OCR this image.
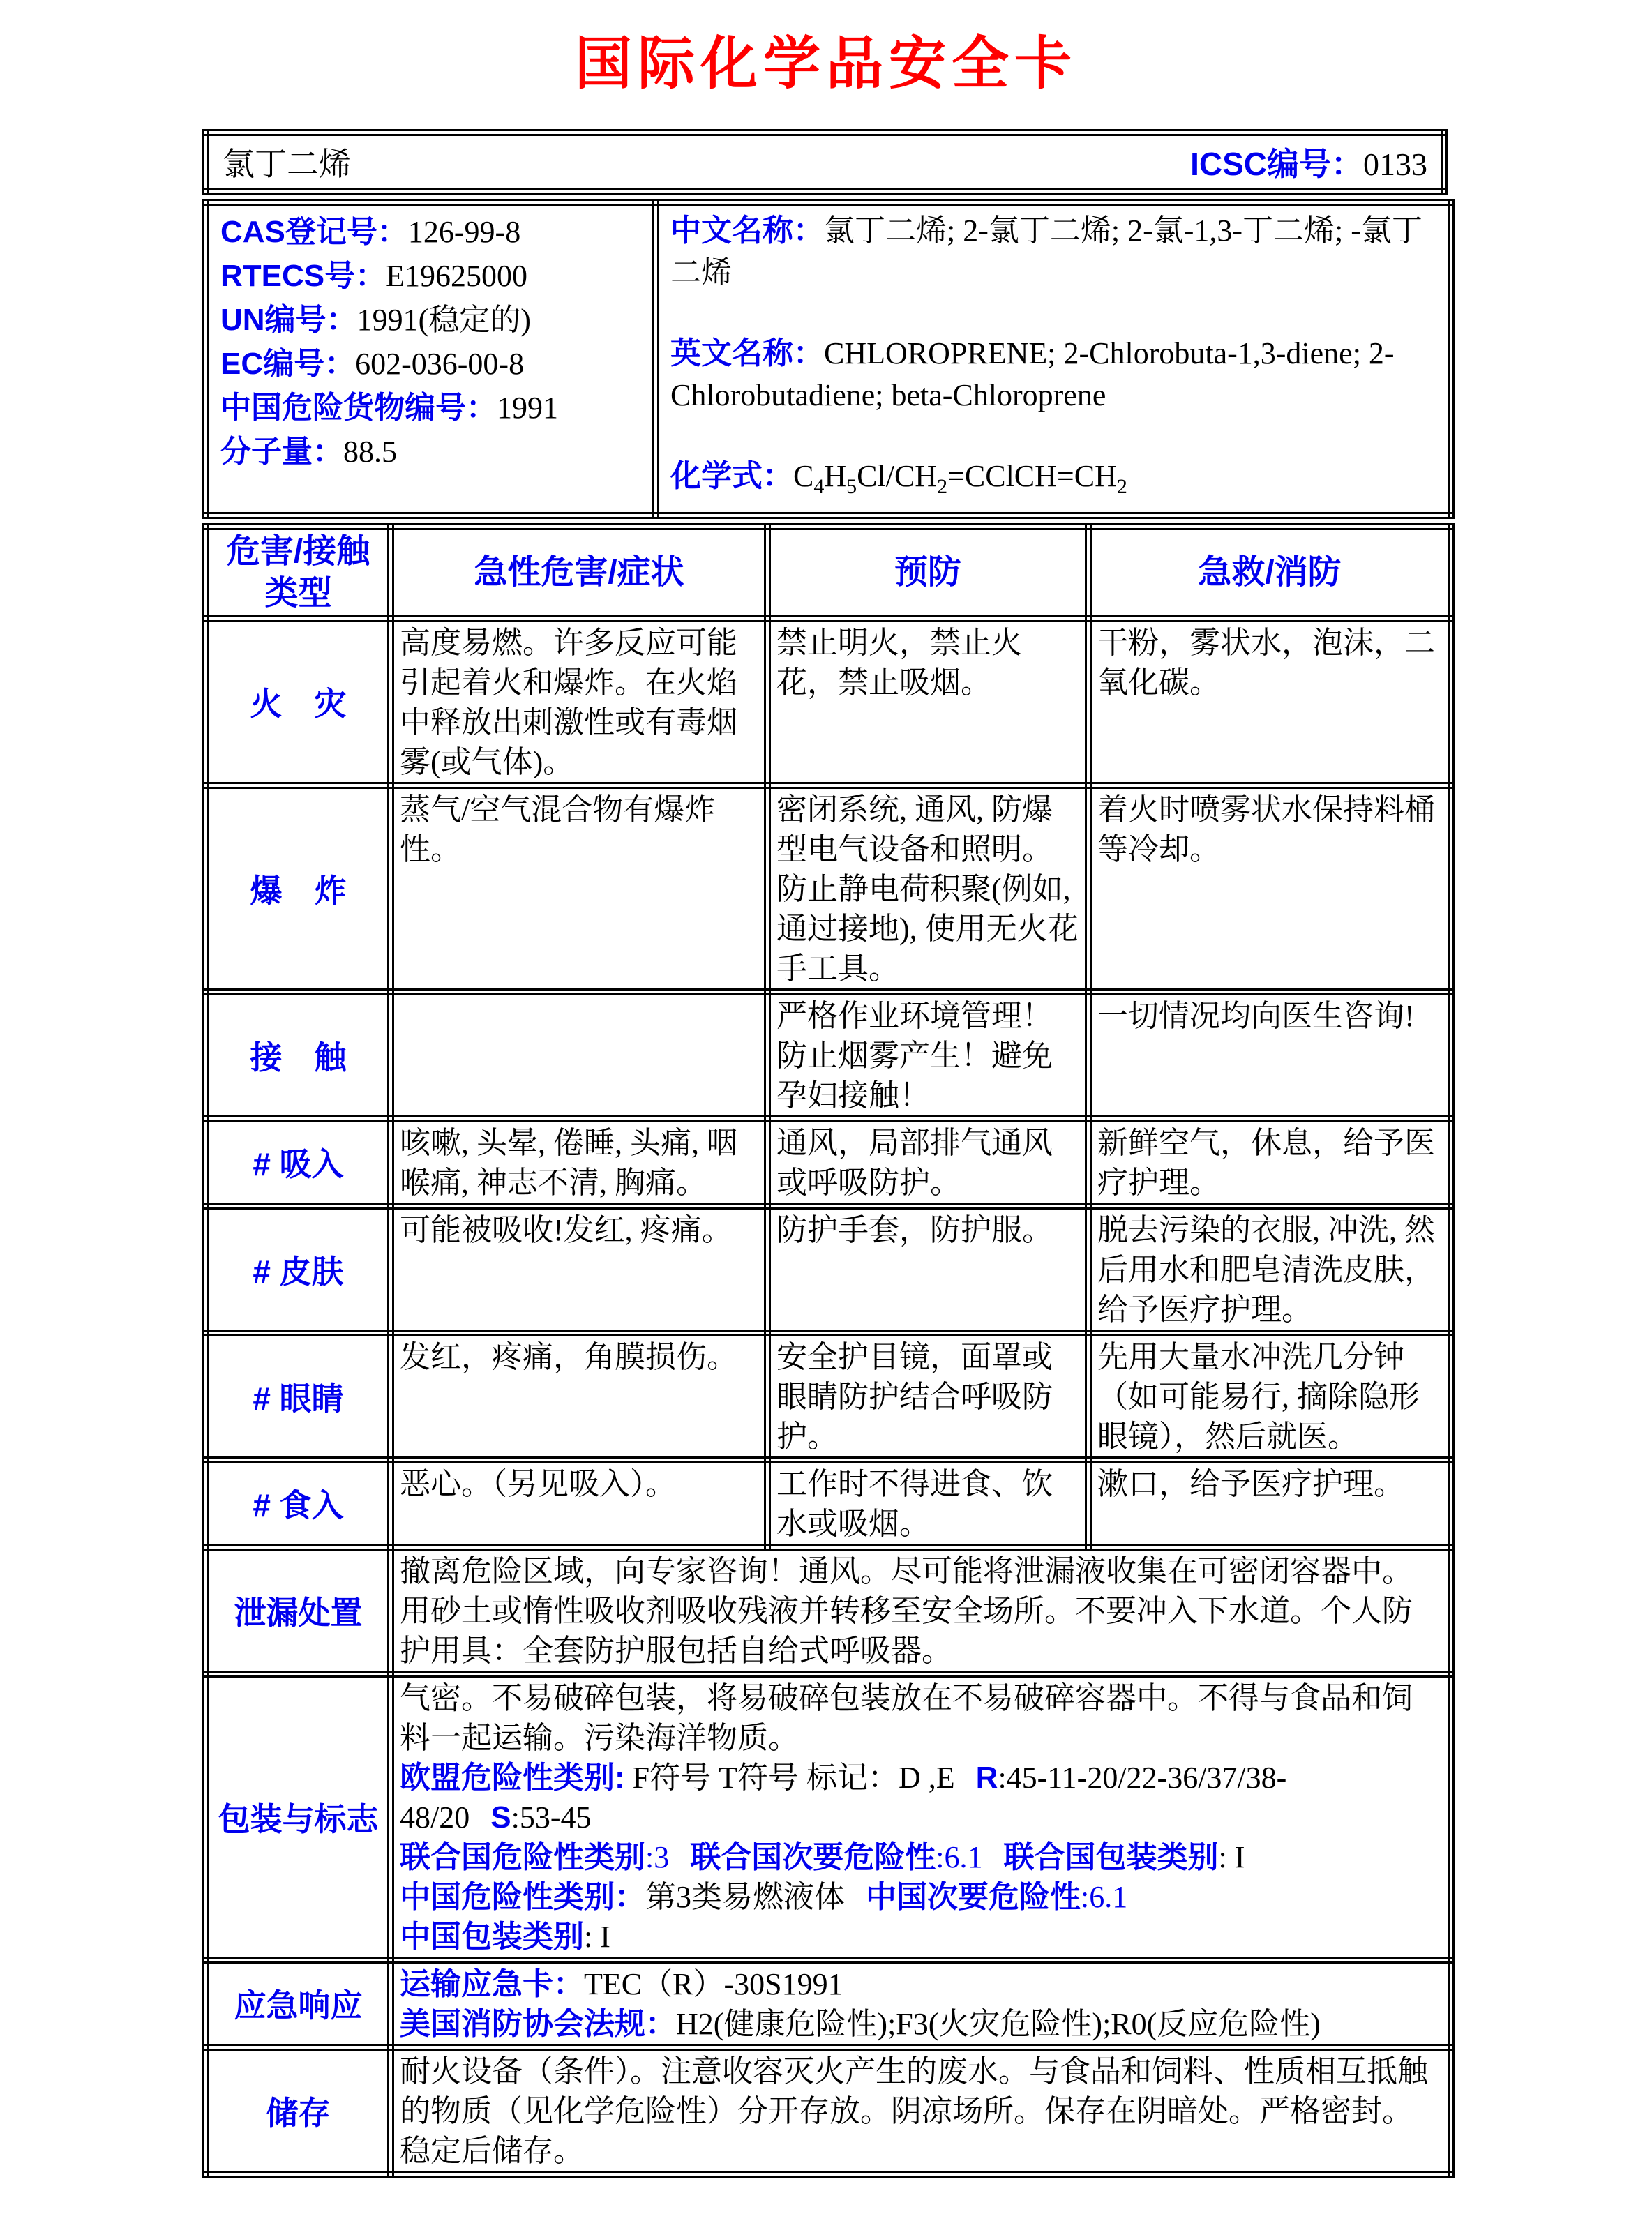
国际化学品安全卡
氯丁二烯	ICSC编号：0133
CAS登记号：126-99-8
RTECS号：E19625000
UN编号：1991(稳定的)
EC编号：602-036-00-8
中国危险货物编号：1991
分子量：88.5

中文名称：氯丁二烯; 2-氯丁二烯; 2-氯-1,3-丁二烯; -氯丁二烯

英文名称：CHLOROPRENE; 2-Chlorobuta-1,3-diene; 2-Chlorobutadiene; beta-Chloroprene

化学式：$C_4H_5Cl/CH_2=CClCH=CH_2$

危害/接触类型	急性危害/症状	预防	急救/消防
火　灾	高度易燃。许多反应可能引起着火和爆炸。在火焰中释放出刺激性或有毒烟雾(或气体)。	禁止明火，禁止火花，禁止吸烟。	干粉，雾状水，泡沫，二氧化碳。
爆　炸	蒸气/空气混合物有爆炸性。	密闭系统, 通风, 防爆型电气设备和照明。防止静电荷积聚(例如, 通过接地), 使用无火花手工具。	着火时喷雾状水保持料桶等冷却。
接　触		严格作业环境管理！防止烟雾产生！避免孕妇接触！	一切情况均向医生咨询!
# 吸入	咳嗽, 头晕, 倦睡, 头痛, 咽喉痛, 神志不清, 胸痛。	通风，局部排气通风或呼吸防护。	新鲜空气，休息，给予医疗护理。
# 皮肤	可能被吸收!发红, 疼痛。	防护手套，防护服。	脱去污染的衣服, 冲洗, 然后用水和肥皂清洗皮肤，给予医疗护理。
# 眼睛	发红，疼痛，角膜损伤。	安全护目镜，面罩或眼睛防护结合呼吸防护。	先用大量水冲洗几分钟（如可能易行, 摘除隐形眼镜），然后就医。
# 食入	恶心。（另见吸入）。	工作时不得进食、饮水或吸烟。	漱口，给予医疗护理。
泄漏处置	撤离危险区域，向专家咨询！通风。尽可能将泄漏液收集在可密闭容器中。用砂土或惰性吸收剂吸收残液并转移至安全场所。不要冲入下水道。个人防护用具：全套防护服包括自给式呼吸器。		
包装与标志	气密。不易破碎包装，将易破碎包装放在不易破碎容器中。不得与食品和饲料一起运输。污染海洋物质。

欧盟危险性类别: F符号 T符号 标记：D ,E R:45-11-20/22-36/37/38-48/20 S:53-45

联合国危险性类别:3 联合国次要危险性:6.1 联合国包装类别: I

中国危险性类别：第3类易燃液体 中国次要危险性:6.1

中国包装类别: I		

应急响应	运输应急卡：TEC（R）-30S1991

美国消防协会法规：H2(健康危险性);F3(火灾危险性);R0(反应危险性)		

储存	耐火设备（条件）。注意收容灭火产生的废水。与食品和饲料、性质相互抵触的物质（见化学危险性）分开存放。阴凉场所。保存在阴暗处。严格密封。稳定后储存。		
